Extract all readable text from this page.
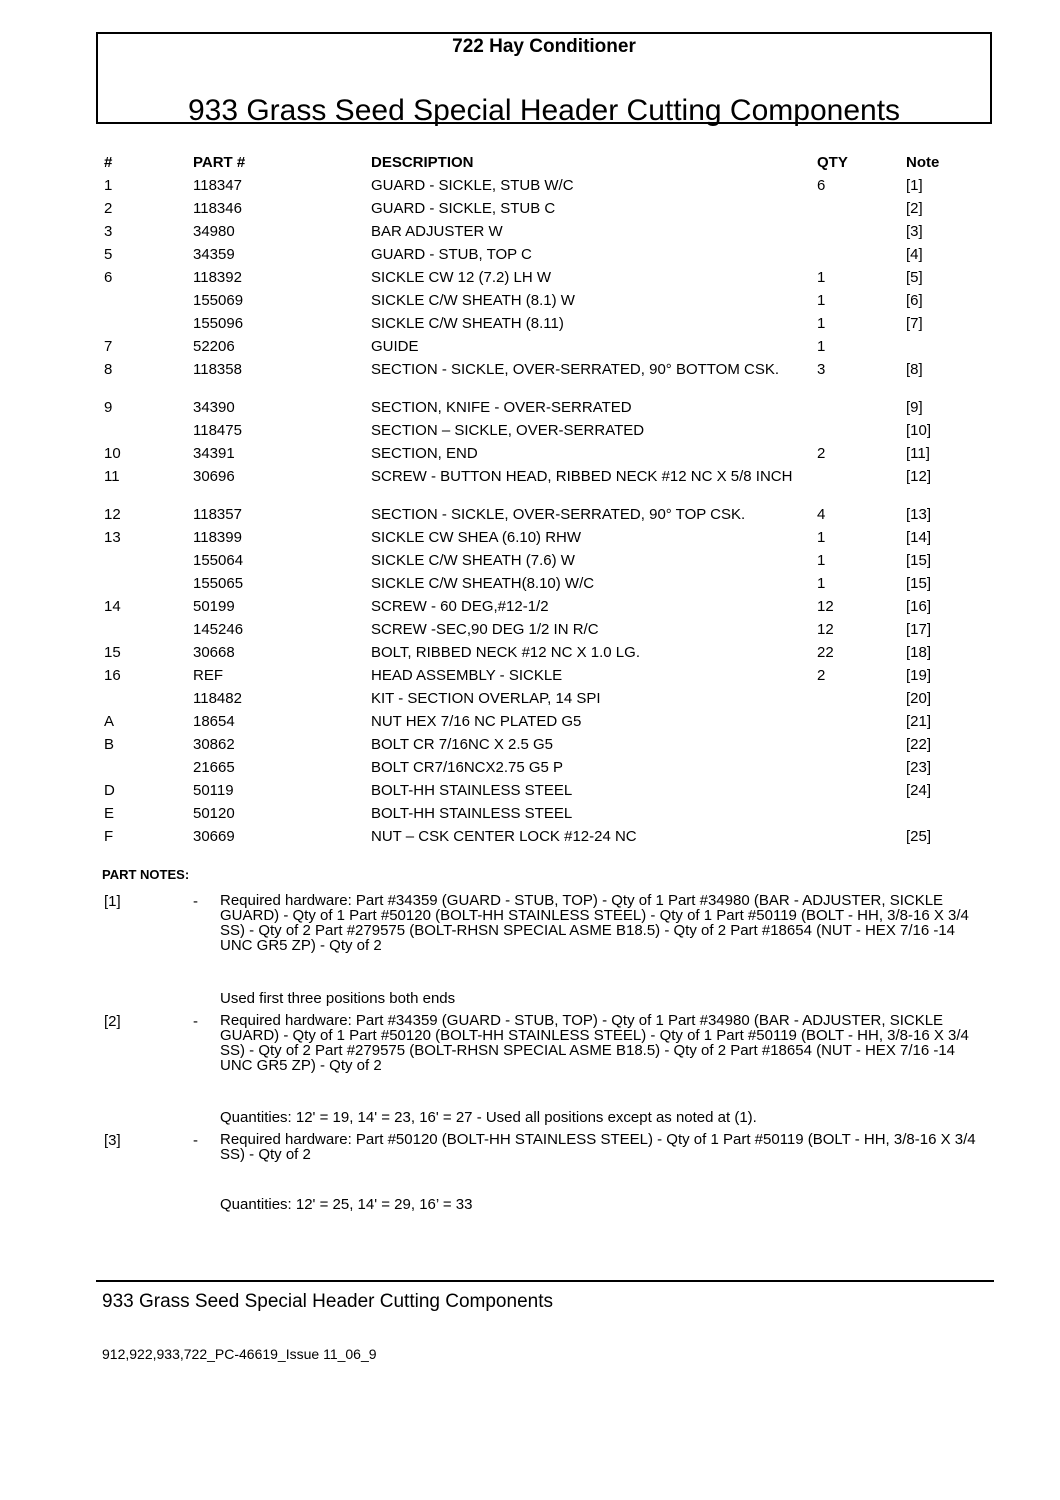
722 Hay Conditioner
933 Grass Seed Special Header Cutting Components
#	PART #	DESCRIPTION	QTY	Note
1	118347	GUARD - SICKLE, STUB W/C	6	[1]
2	118346	GUARD - SICKLE, STUB C		[2]
3	34980	BAR ADJUSTER W		[3]
5	34359	GUARD - STUB, TOP C		[4]
6	118392	SICKLE CW 12 (7.2) LH W	1	[5]
	155069	SICKLE C/W SHEATH (8.1) W	1	[6]
	155096	SICKLE C/W SHEATH (8.11)	1	[7]
7	52206	GUIDE	1	
8	118358	SECTION - SICKLE, OVER-SERRATED, 90° BOTTOM CSK.	3	[8]
9	34390	SECTION, KNIFE - OVER-SERRATED		[9]
	118475	SECTION – SICKLE, OVER-SERRATED		[10]
10	34391	SECTION, END	2	[11]
11	30696	SCREW - BUTTON HEAD, RIBBED NECK #12 NC X 5/8 INCH		[12]
12	118357	SECTION - SICKLE, OVER-SERRATED, 90° TOP CSK.	4	[13]
13	118399	SICKLE CW SHEA (6.10) RHW	1	[14]
	155064	SICKLE C/W SHEATH (7.6) W	1	[15]
	155065	SICKLE C/W SHEATH(8.10) W/C	1	[15]
14	50199	SCREW - 60 DEG,#12-1/2	12	[16]
	145246	SCREW -SEC,90 DEG 1/2 IN R/C	12	[17]
15	30668	BOLT, RIBBED NECK #12 NC X 1.0 LG.	22	[18]
16	REF	HEAD ASSEMBLY - SICKLE	2	[19]
	118482	KIT - SECTION OVERLAP, 14 SPI		[20]
A	18654	NUT HEX 7/16 NC PLATED G5		[21]
B	30862	BOLT CR 7/16NC X 2.5 G5		[22]
	21665	BOLT CR7/16NCX2.75 G5 P		[23]
D	50119	BOLT-HH STAINLESS STEEL		[24]
E	50120	BOLT-HH STAINLESS STEEL		
F	30669	NUT – CSK CENTER LOCK #12-24 NC		[25]
PART NOTES:
[1]	- Required hardware: Part #34359 (GUARD - STUB, TOP) - Qty of 1 Part #34980 (BAR - ADJUSTER, SICKLE GUARD) - Qty of 1 Part #50120 (BOLT-HH STAINLESS STEEL) - Qty of 1 Part #50119 (BOLT - HH, 3/8-16 X 3/4 SS) - Qty of 2 Part #279575 (BOLT-RHSN SPECIAL ASME B18.5) - Qty of 2 Part #18654 (NUT - HEX 7/16 -14 UNC GR5 ZP) - Qty of 2
Used first three positions both ends
[2]	- Required hardware: Part #34359 (GUARD - STUB, TOP) - Qty of 1 Part #34980 (BAR - ADJUSTER, SICKLE GUARD) - Qty of 1 Part #50120 (BOLT-HH STAINLESS STEEL) - Qty of 1 Part #50119 (BOLT - HH, 3/8-16 X 3/4 SS) - Qty of 2 Part #279575 (BOLT-RHSN SPECIAL ASME B18.5) - Qty of 2 Part #18654 (NUT - HEX 7/16 -14 UNC GR5 ZP) - Qty of 2
Quantities: 12' = 19, 14' = 23, 16' = 27 - Used all positions except as noted at (1).
[3]	- Required hardware: Part #50120 (BOLT-HH STAINLESS STEEL) - Qty of 1 Part #50119 (BOLT - HH, 3/8-16 X 3/4 SS) - Qty of 2
Quantities: 12' = 25, 14' = 29, 16’ = 33
933 Grass Seed Special Header Cutting Components
912,922,933,722_PC-46619_Issue 11_06_9
